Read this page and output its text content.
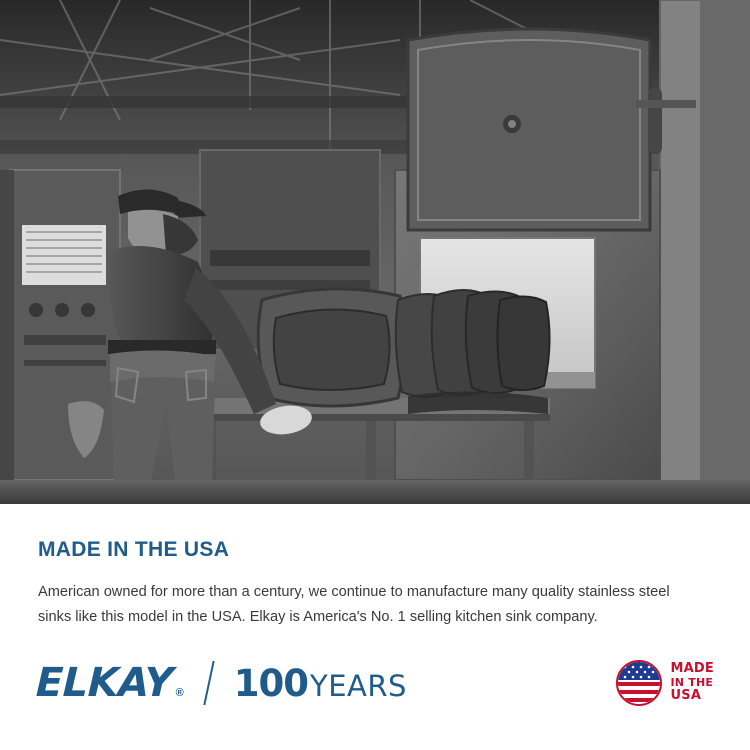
MADE IN THE USA

American owned for more than a century, we continue to manufacture many quality stainless steel sinks like this model in the USA. Elkay is America's No. 1 selling kitchen sink company.

ELKAY ® 100 YEARS
MADE
IN THE
USA
